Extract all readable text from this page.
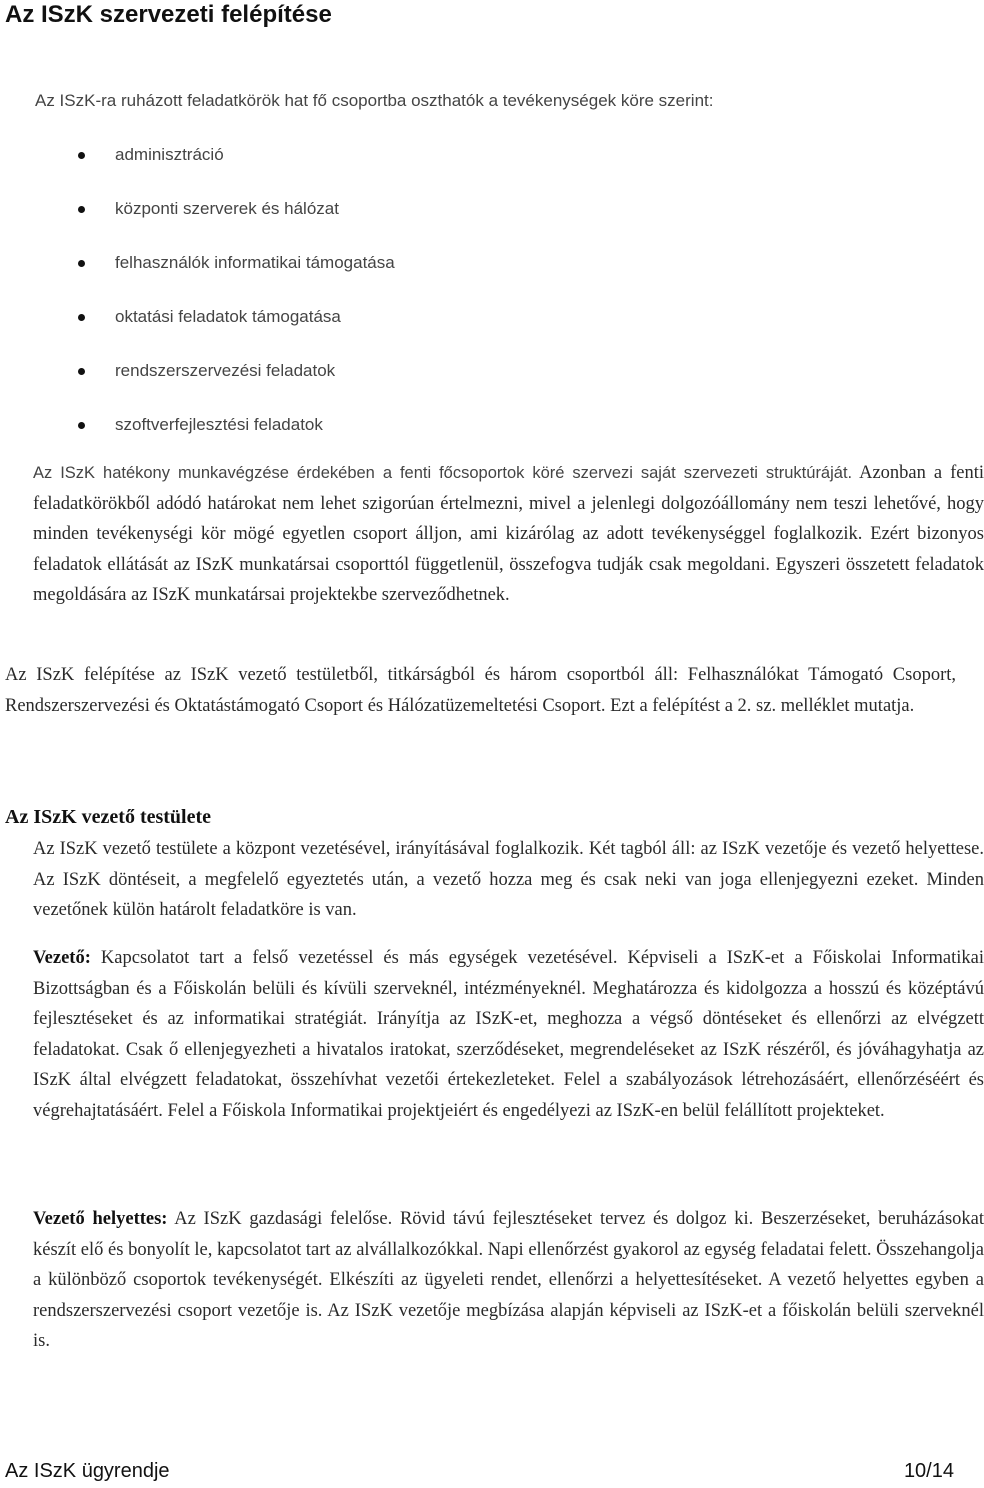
Az ISzK szervezeti felépítése

Az ISzK-ra ruházott feladatkörök hat fő csoportba oszthatók a tevékenységek köre szerint:

adminisztráció
központi szerverek és hálózat
felhasználók informatikai támogatása
oktatási feladatok támogatása
rendszerszervezési feladatok
szoftverfejlesztési feladatok

Az ISzK hatékony munkavégzése érdekében a fenti főcsoportok köré szervezi saját szervezeti struktúráját. Azonban a fenti feladatkörökből adódó határokat nem lehet szigorúan értelmezni, mivel a jelenlegi dolgozóállomány nem teszi lehetővé, hogy minden tevékenységi kör mögé egyetlen csoport álljon, ami kizárólag az adott tevékenységgel foglalkozik. Ezért bizonyos feladatok ellátását az ISzK munkatársai csoporttól függetlenül, összefogva tudják csak megoldani. Egyszeri összetett feladatok megoldására az ISzK munkatársai projektekbe szerveződhetnek.

Az ISzK felépítése az ISzK vezető testületből, titkárságból és három csoportból áll: Felhasználókat Támogató Csoport, Rendszerszervezési és Oktatástámogató Csoport és Hálózatüzemeltetési Csoport. Ezt a felépítést a 2. sz. melléklet mutatja.

Az ISzK vezető testülete

Az ISzK vezető testülete a központ vezetésével, irányításával foglalkozik. Két tagból áll: az ISzK vezetője és vezető helyettese. Az ISzK döntéseit, a megfelelő egyeztetés után, a vezető hozza meg és csak neki van joga ellenjegyezni ezeket. Minden vezetőnek külön határolt feladatköre is van.

Vezető: Kapcsolatot tart a felső vezetéssel és más egységek vezetésével. Képviseli a ISzK-et a Főiskolai Informatikai Bizottságban és a Főiskolán belüli és kívüli szerveknél, intézményeknél. Meghatározza és kidolgozza a hosszú és középtávú fejlesztéseket és az informatikai stratégiát. Irányítja az ISzK-et, meghozza a végső döntéseket és ellenőrzi az elvégzett feladatokat. Csak ő ellenjegyezheti a hivatalos iratokat, szerződéseket, megrendeléseket az ISzK részéről, és jóváhagyhatja az ISzK által elvégzett feladatokat, összehívhat vezetői értekezleteket. Felel a szabályozások létrehozásáért, ellenőrzéséért és végrehajtatásáért. Felel a Főiskola Informatikai projektjeiért és engedélyezi az ISzK-en belül felállított projekteket.

Vezető helyettes: Az ISzK gazdasági felelőse. Rövid távú fejlesztéseket tervez és dolgoz ki. Beszerzéseket, beruházásokat készít elő és bonyolít le, kapcsolatot tart az alvállalkozókkal. Napi ellenőrzést gyakorol az egység feladatai felett. Összehangolja a különböző csoportok tevékenységét. Elkészíti az ügyeleti rendet, ellenőrzi a helyettesítéseket. A vezető helyettes egyben a rendszerszervezési csoport vezetője is. Az ISzK vezetője megbízása alapján képviseli az ISzK-et a főiskolán belüli szerveknél is.

Az ISzK ügyrendje	10/14
